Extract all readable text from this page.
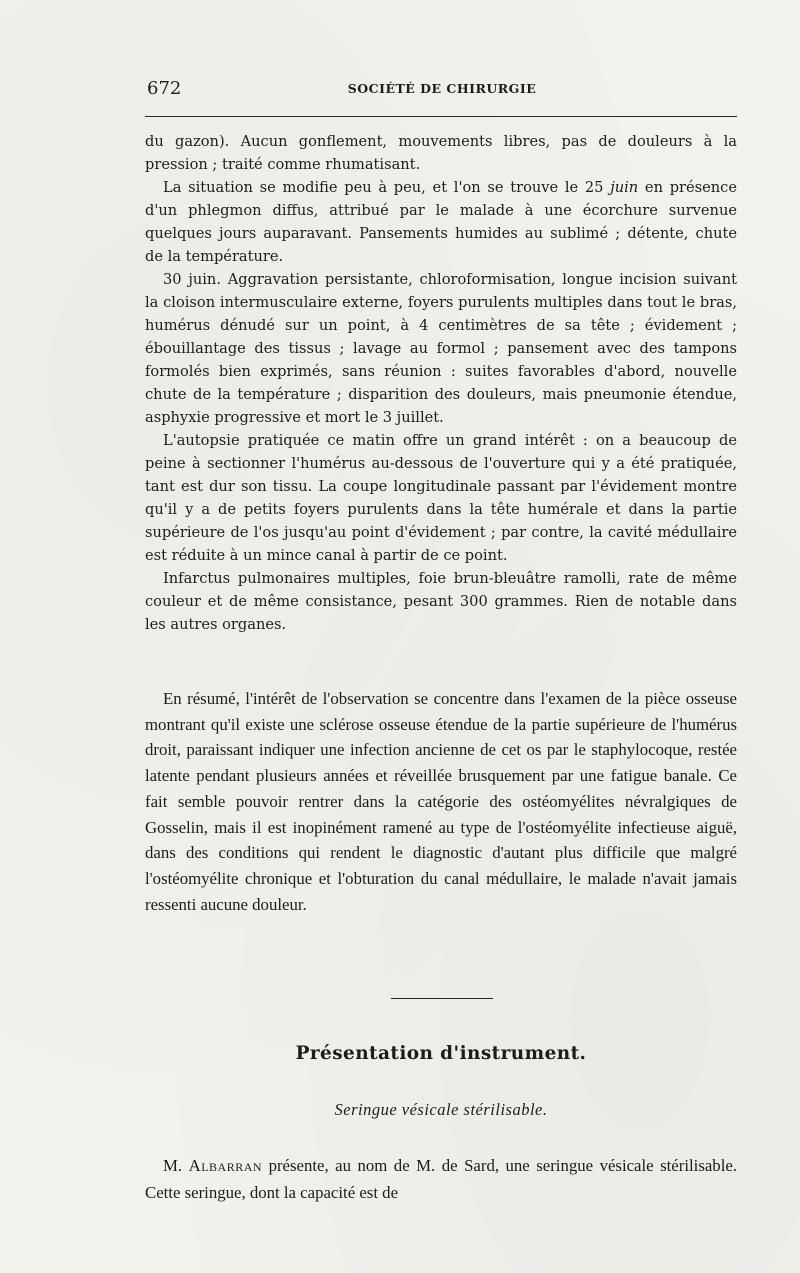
672	SOCIÉTÉ DE CHIRURGIE

du gazon). Aucun gonflement, mouvements libres, pas de douleurs à la pression ; traité comme rhumatisant.

La situation se modifie peu à peu, et l'on se trouve le 25 juin en présence d'un phlegmon diffus, attribué par le malade à une écorchure survenue quelques jours auparavant. Pansements humides au sublimé ; détente, chute de la température.

30 juin. Aggravation persistante, chloroformisation, longue incision suivant la cloison intermusculaire externe, foyers purulents multiples dans tout le bras, humérus dénudé sur un point, à 4 centimètres de sa tête ; évidement ; ébouillantage des tissus ; lavage au formol ; pansement avec des tampons formolés bien exprimés, sans réunion : suites favorables d'abord, nouvelle chute de la température ; disparition des douleurs, mais pneumonie étendue, asphyxie progressive et mort le 3 juillet.

L'autopsie pratiquée ce matin offre un grand intérêt : on a beaucoup de peine à sectionner l'humérus au-dessous de l'ouverture qui y a été pratiquée, tant est dur son tissu. La coupe longitudinale passant par l'évidement montre qu'il y a de petits foyers purulents dans la tête humérale et dans la partie supérieure de l'os jusqu'au point d'évidement ; par contre, la cavité médullaire est réduite à un mince canal à partir de ce point.

Infarctus pulmonaires multiples, foie brun-bleuâtre ramolli, rate de même couleur et de même consistance, pesant 300 grammes. Rien de notable dans les autres organes.

En résumé, l'intérêt de l'observation se concentre dans l'examen de la pièce osseuse montrant qu'il existe une sclérose osseuse étendue de la partie supérieure de l'humérus droit, paraissant indiquer une infection ancienne de cet os par le staphylocoque, restée latente pendant plusieurs années et réveillée brusquement par une fatigue banale. Ce fait semble pouvoir rentrer dans la catégorie des ostéomyélites névralgiques de Gosselin, mais il est inopinément ramené au type de l'ostéomyélite infectieuse aiguë, dans des conditions qui rendent le diagnostic d'autant plus difficile que malgré l'ostéomyélite chronique et l'obturation du canal médullaire, le malade n'avait jamais ressenti aucune douleur.

Présentation d'instrument.
Seringue vésicale stérilisable.

M. Albarran présente, au nom de M. de Sard, une seringue vésicale stérilisable. Cette seringue, dont la capacité est de
